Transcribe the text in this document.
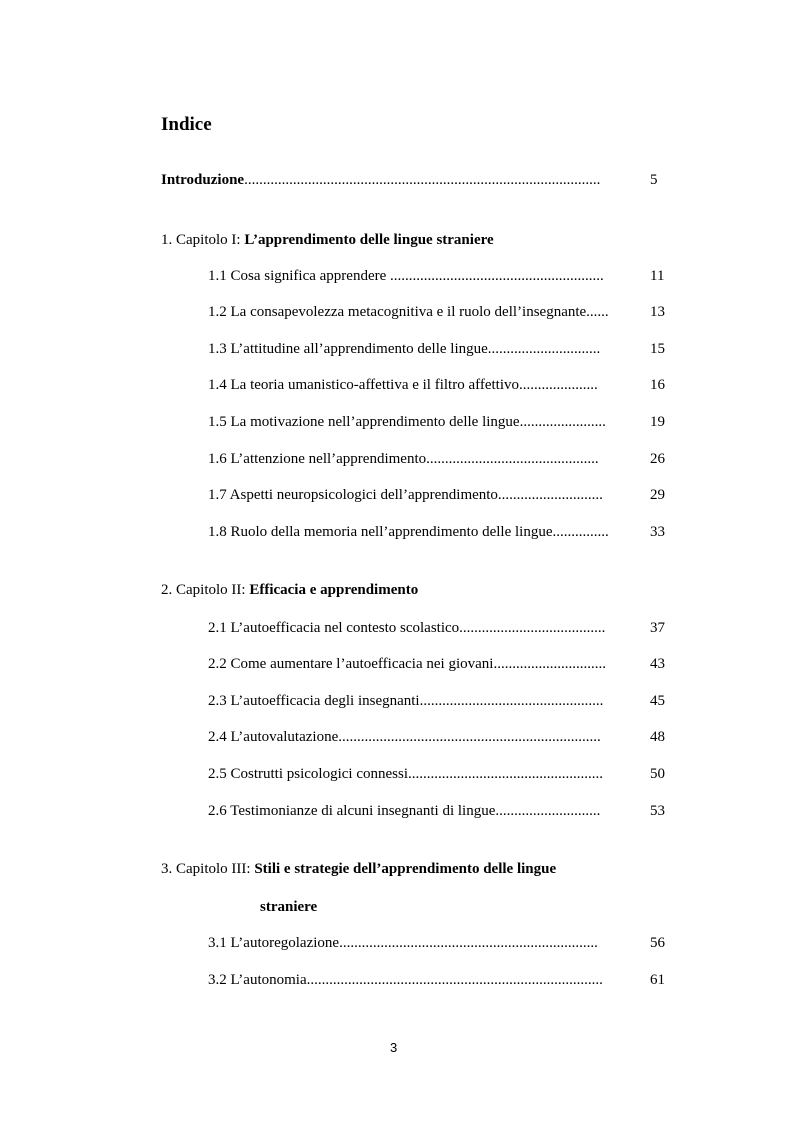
Indice
Introduzione...............................................................................................	5
1. Capitolo I: L’apprendimento delle lingue straniere
1.1 Cosa significa apprendere .........................................................	11
1.2 La consapevolezza metacognitiva e il ruolo dell’insegnante......	13
1.3 L’attitudine all’apprendimento delle lingue..............................	15
1.4 La teoria umanistico-affettiva e il filtro affettivo.....................	16
1.5 La motivazione nell’apprendimento delle lingue.......................	19
1.6 L’attenzione nell’apprendimento..............................................	26
1.7 Aspetti neuropsicologici dell’apprendimento............................	29
1.8 Ruolo della memoria nell’apprendimento delle lingue...............	33
2. Capitolo II: Efficacia e apprendimento
2.1 L’autoefficacia nel contesto scolastico.......................................	37
2.2 Come aumentare l’autoefficacia nei giovani..............................	43
2.3 L’autoefficacia degli insegnanti.................................................	45
2.4 L’autovalutazione......................................................................	48
2.5 Costrutti psicologici connessi....................................................	50
2.6 Testimonianze di alcuni insegnanti di lingue............................	53
3. Capitolo III: Stili e strategie dell’apprendimento delle lingue
straniere
3.1 L’autoregolazione.....................................................................	56
3.2 L’autonomia...............................................................................	61
3
